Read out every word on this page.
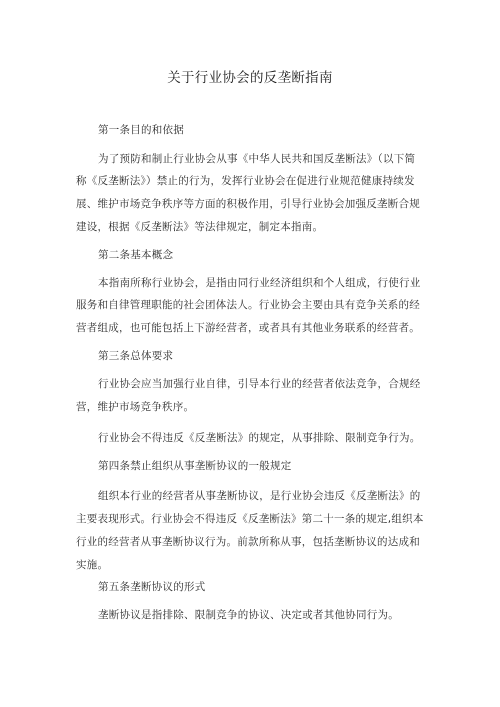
关于行业协会的反垄断指南
第一条目的和依据
为了预防和制止行业协会从事《中华人民共和国反垄断法》（以下简
称《反垄断法》）禁止的行为，发挥行业协会在促进行业规范健康持续发
展、维护市场竞争秩序等方面的积极作用，引导行业协会加强反垄断合规
建设，根据《反垄断法》等法律规定，制定本指南。
第二条基本概念
本指南所称行业协会，是指由同行业经济组织和个人组成，行使行业
服务和自律管理职能的社会团体法人。行业协会主要由具有竞争关系的经
营者组成，也可能包括上下游经营者，或者具有其他业务联系的经营者。
第三条总体要求
行业协会应当加强行业自律，引导本行业的经营者依法竞争，合规经
营，维护市场竞争秩序。
行业协会不得违反《反垄断法》的规定，从事排除、限制竞争行为。
第四条禁止组织从事垄断协议的一般规定
组织本行业的经营者从事垄断协议，是行业协会违反《反垄断法》的
主要表现形式。行业协会不得违反《反垄断法》第二十一条的规定,组织本
行业的经营者从事垄断协议行为。前款所称从事，包括垄断协议的达成和
实施。
第五条垄断协议的形式
垄断协议是指排除、限制竞争的协议、决定或者其他协同行为。
